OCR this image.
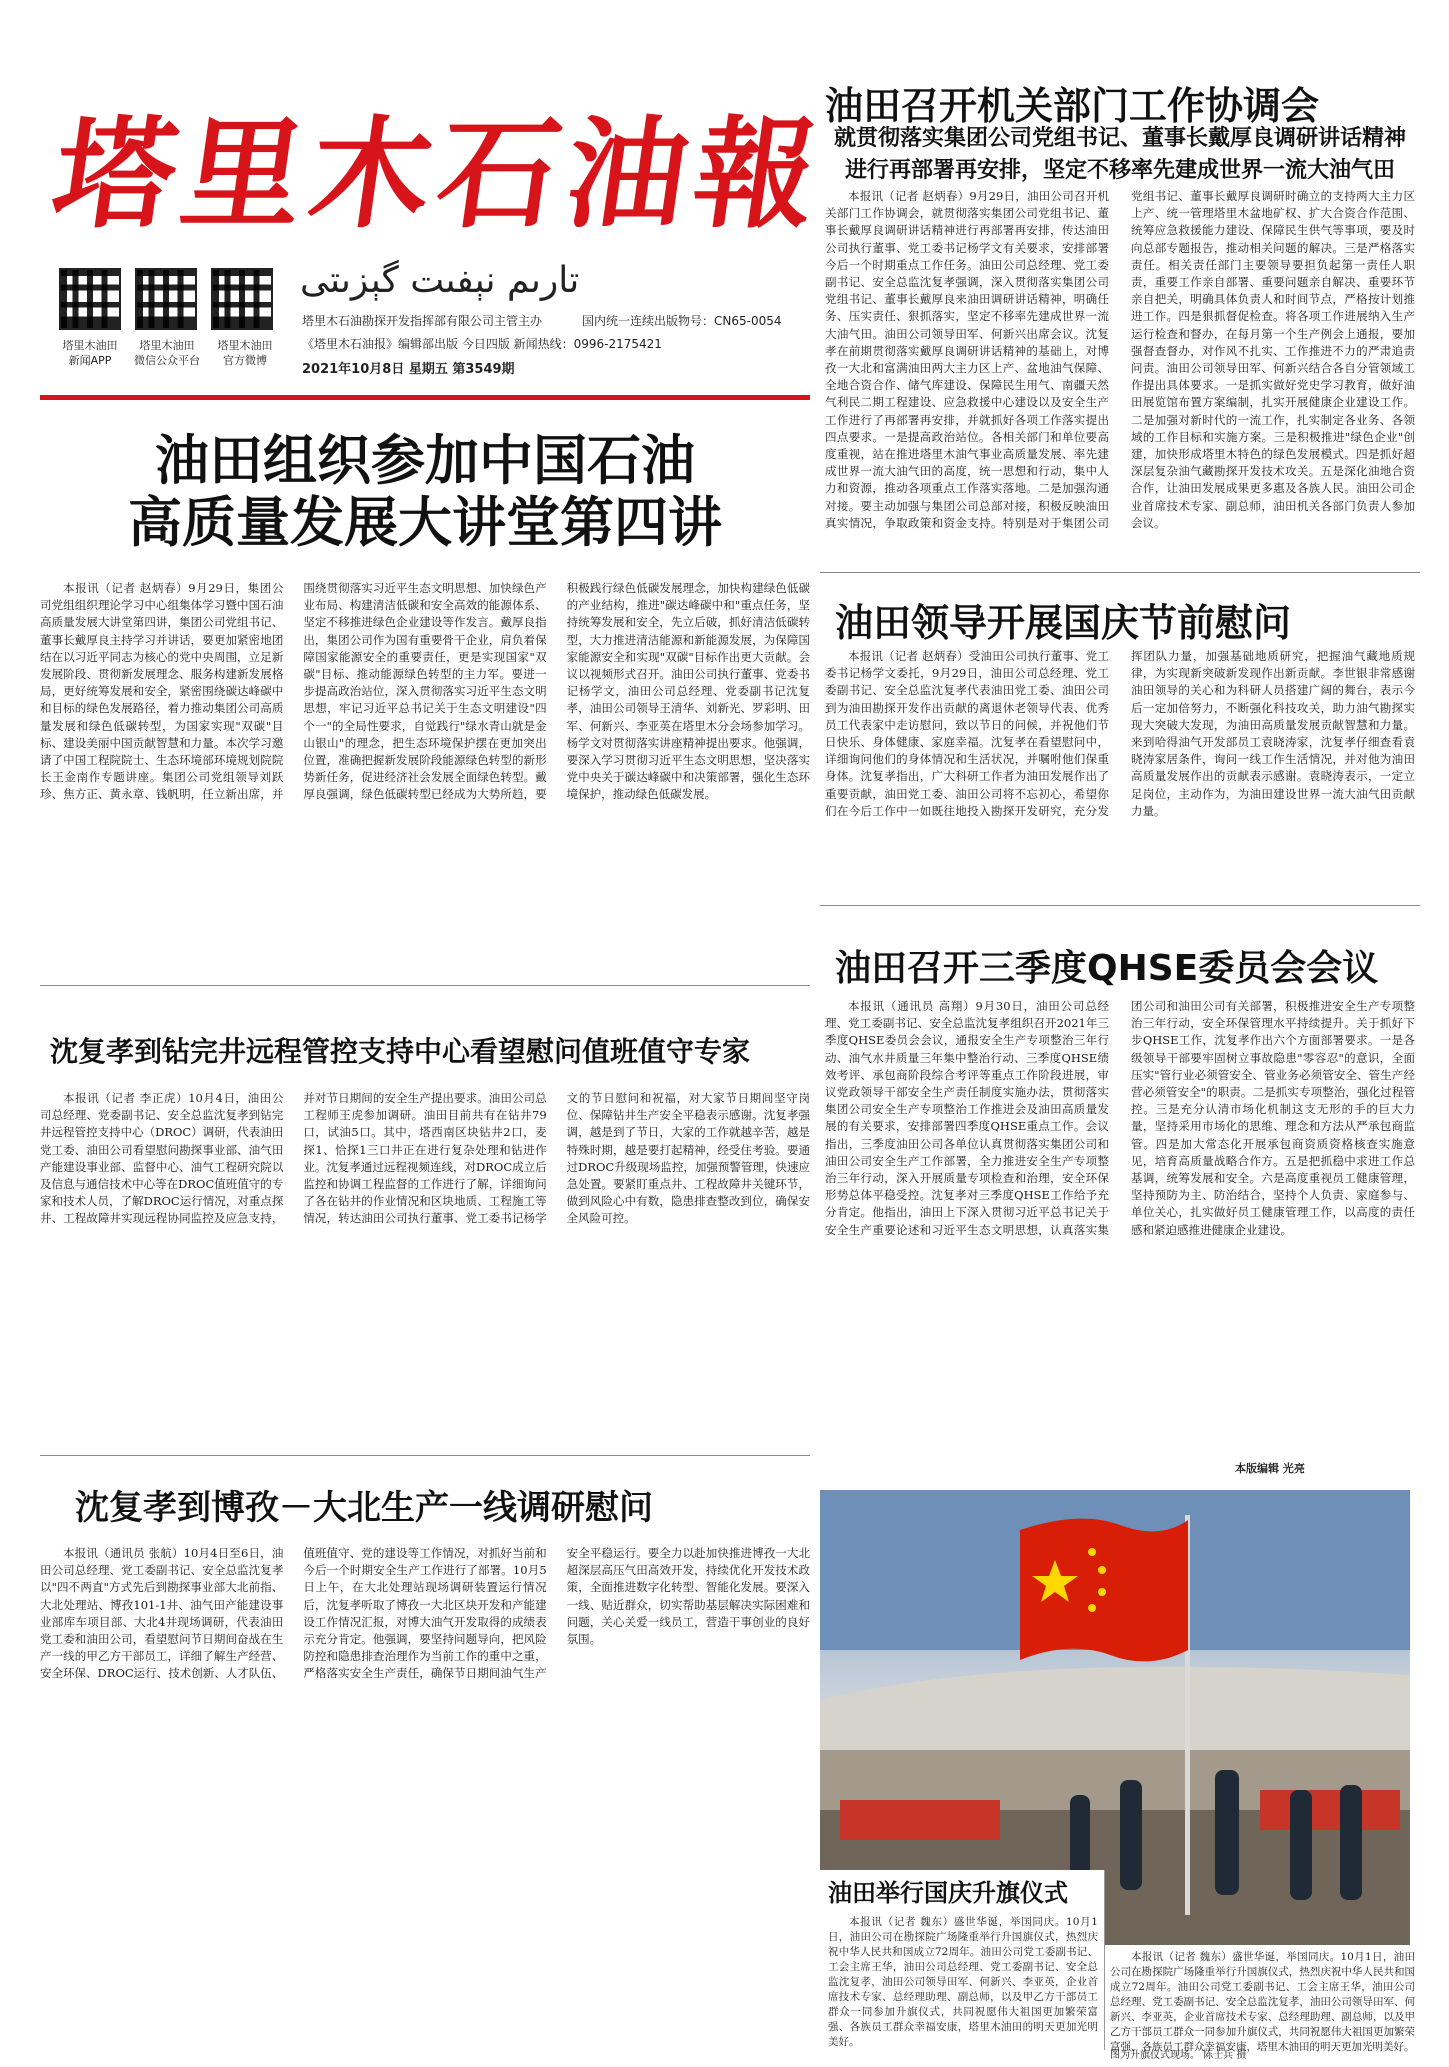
塔里木石油報
تارىم نېفىت گېزىتى
塔里木油田
新闻APP
塔里木油田
微信公众平台
塔里木油田
官方微博
塔里木石油勘探开发指挥部有限公司主管主办	国内统一连续出版物号：CN65-0054
《塔里木石油报》编辑部出版 今日四版 新闻热线：0996-2175421
2021年10月8日 星期五 第3549期
油田组织参加中国石油
高质量发展大讲堂第四讲
本报讯（记者 赵炳春）9月29日，集团公司党组组织理论学习中心组集体学习暨中国石油高质量发展大讲堂第四讲，集团公司党组书记、董事长戴厚良主持学习并讲话，要更加紧密地团结在以习近平同志为核心的党中央周围，立足新发展阶段、贯彻新发展理念、服务构建新发展格局，更好统筹发展和安全，紧密围绕碳达峰碳中和目标的绿色发展路径，着力推动集团公司高质量发展和绿色低碳转型，为国家实现"双碳"目标、建设美丽中国贡献智慧和力量。本次学习邀请了中国工程院院士、生态环境部环境规划院院长王金南作专题讲座。集团公司党组领导刘跃珍、焦方正、黄永章、钱帆明，任立新出席，并围绕贯彻落实习近平生态文明思想、加快绿色产业布局、构建清洁低碳和安全高效的能源体系、坚定不移推进绿色企业建设等作发言。戴厚良指出，集团公司作为国有重要骨干企业，肩负着保障国家能源安全的重要责任，更是实现国家"双碳"目标、推动能源绿色转型的主力军。要进一步提高政治站位，深入贯彻落实习近平生态文明思想，牢记习近平总书记关于生态文明建设"四个一"的全局性要求，自觉践行"绿水青山就是金山银山"的理念，把生态环境保护摆在更加突出位置，准确把握新发展阶段能源绿色转型的新形势新任务，促进经济社会发展全面绿色转型。戴厚良强调，绿色低碳转型已经成为大势所趋，要积极践行绿色低碳发展理念，加快构建绿色低碳的产业结构，推进"碳达峰碳中和"重点任务，坚持统筹发展和安全，先立后破，抓好清洁低碳转型，大力推进清洁能源和新能源发展，为保障国家能源安全和实现"双碳"目标作出更大贡献。会议以视频形式召开。油田公司执行董事、党委书记杨学文，油田公司总经理、党委副书记沈复孝，油田公司领导王清华、刘新光、罗彩明、田军、何新兴、李亚英在塔里木分会场参加学习。杨学文对贯彻落实讲座精神提出要求。他强调，要深入学习贯彻习近平生态文明思想，坚决落实党中央关于碳达峰碳中和决策部署，强化生态环境保护，推动绿色低碳发展。
沈复孝到钻完井远程管控支持中心看望慰问值班值守专家
本报讯（记者 李正虎）10月4日，油田公司总经理、党委副书记、安全总监沈复孝到钻完井远程管控支持中心（DROC）调研，代表油田党工委、油田公司看望慰问勘探事业部、油气田产能建设事业部、监督中心、油气工程研究院以及信息与通信技术中心等在DROC值班值守的专家和技术人员，了解DROC运行情况，对重点探井、工程故障井实现远程协同监控及应急支持，并对节日期间的安全生产提出要求。油田公司总工程师王虎参加调研。油田目前共有在钻井79口，试油5口。其中，塔西南区块钻井2口，麦探1、恰探1三口井正在进行复杂处理和钻进作业。沈复孝通过远程视频连线，对DROC成立后监控和协调工程监督的工作进行了解，详细询问了各在钻井的作业情况和区块地质、工程施工等情况，转达油田公司执行董事、党工委书记杨学文的节日慰问和祝福，对大家节日期间坚守岗位、保障钻井生产安全平稳表示感谢。沈复孝强调，越是到了节日，大家的工作就越辛苦，越是特殊时期，越是要打起精神，经受住考验。要通过DROC升级现场监控，加强预警管理，快速应急处置。要紧盯重点井、工程故障井关键环节，做到风险心中有数，隐患排查整改到位，确保安全风险可控。
沈复孝到博孜－大北生产一线调研慰问
本报讯（通讯员 张航）10月4日至6日，油田公司总经理、党工委副书记、安全总监沈复孝以"四不两直"方式先后到勘探事业部大北前指、大北处理站、博孜101-1井、油气田产能建设事业部库车项目部、大北4井现场调研，代表油田党工委和油田公司，看望慰问节日期间奋战在生产一线的甲乙方干部员工，详细了解生产经营、安全环保、DROC运行、技术创新、人才队伍、值班值守、党的建设等工作情况，对抓好当前和今后一个时期安全生产工作进行了部署。10月5日上午，在大北处理站现场调研装置运行情况后，沈复孝听取了博孜一大北区块开发和产能建设工作情况汇报，对博大油气开发取得的成绩表示充分肯定。他强调，要坚持问题导向，把风险防控和隐患排查治理作为当前工作的重中之重，严格落实安全生产责任，确保节日期间油气生产安全平稳运行。要全力以赴加快推进博孜一大北超深层高压气田高效开发，持续优化开发技术政策，全面推进数字化转型、智能化发展。要深入一线、贴近群众，切实帮助基层解决实际困难和问题，关心关爱一线员工，营造干事创业的良好氛围。
油田召开机关部门工作协调会
就贯彻落实集团公司党组书记、董事长戴厚良调研讲话精神
进行再部署再安排，坚定不移率先建成世界一流大油气田
本报讯（记者 赵炳春）9月29日，油田公司召开机关部门工作协调会，就贯彻落实集团公司党组书记、董事长戴厚良调研讲话精神进行再部署再安排，传达油田公司执行董事、党工委书记杨学文有关要求，安排部署今后一个时期重点工作任务。油田公司总经理、党工委副书记、安全总监沈复孝强调，深入贯彻落实集团公司党组书记、董事长戴厚良来油田调研讲话精神，明确任务、压实责任、狠抓落实，坚定不移率先建成世界一流大油气田。油田公司领导田军、何新兴出席会议。沈复孝在前期贯彻落实戴厚良调研讲话精神的基础上，对博孜一大北和富满油田两大主力区上产、盆地油气保障、全地合资合作、储气库建设、保障民生用气、南疆天然气利民二期工程建设、应急救援中心建设以及安全生产工作进行了再部署再安排，并就抓好各项工作落实提出四点要求。一是提高政治站位。各相关部门和单位要高度重视，站在推进塔里木油气事业高质量发展、率先建成世界一流大油气田的高度，统一思想和行动，集中人力和资源，推动各项重点工作落实落地。二是加强沟通对接。要主动加强与集团公司总部对接，积极反映油田真实情况，争取政策和资金支持。特别是对于集团公司党组书记、董事长戴厚良调研时确立的支持两大主力区上产、统一管理塔里木盆地矿权、扩大合资合作范围、统筹应急救援能力建设、保障民生供气等事项，要及时向总部专题报告，推动相关问题的解决。三是严格落实责任。相关责任部门主要领导要担负起第一责任人职责，重要工作亲自部署、重要问题亲自解决、重要环节亲自把关，明确具体负责人和时间节点，严格按计划推进工作。四是狠抓督促检查。将各项工作进展纳入生产运行检查和督办，在每月第一个生产例会上通报，要加强督查督办，对作风不扎实、工作推进不力的严肃追责问责。油田公司领导田军、何新兴结合各自分管领域工作提出具体要求。一是抓实做好党史学习教育，做好油田展览馆布置方案编制，扎实开展健康企业建设工作。二是加强对新时代的一流工作，扎实制定各业务、各领域的工作目标和实施方案。三是积极推进"绿色企业"创建，加快形成塔里木特色的绿色发展模式。四是抓好超深层复杂油气藏勘探开发技术攻关。五是深化油地合资合作，让油田发展成果更多惠及各族人民。油田公司企业首席技术专家、副总师，油田机关各部门负责人参加会议。
油田领导开展国庆节前慰问
本报讯（记者 赵炳春）受油田公司执行董事、党工委书记杨学文委托，9月29日，油田公司总经理、党工委副书记、安全总监沈复孝代表油田党工委、油田公司到为油田勘探开发作出贡献的离退休老领导代表、优秀员工代表家中走访慰问，致以节日的问候，并祝他们节日快乐、身体健康、家庭幸福。沈复孝在看望慰问中，详细询问他们的身体情况和生活状况，并嘱咐他们保重身体。沈复孝指出，广大科研工作者为油田发展作出了重要贡献，油田党工委、油田公司将不忘初心，希望你们在今后工作中一如既往地投入勘探开发研究，充分发挥团队力量，加强基础地质研究，把握油气藏地质规律，为实现新突破新发现作出新贡献。李世银非常感谢油田领导的关心和为科研人员搭建广阔的舞台，表示今后一定加倍努力，不断强化科技攻关，助力油气勘探实现大突破大发现，为油田高质量发展贡献智慧和力量。来到哈得油气开发部员工袁晓涛家，沈复孝仔细查看袁晓涛家居条件，询问一线工作生活情况，并对他为油田高质量发展作出的贡献表示感谢。袁晓涛表示，一定立足岗位，主动作为，为油田建设世界一流大油气田贡献力量。
油田召开三季度QHSE委员会会议
本报讯（通讯员 高翔）9月30日，油田公司总经理、党工委副书记、安全总监沈复孝组织召开2021年三季度QHSE委员会会议，通报安全生产专项整治三年行动、油气水井质量三年集中整治行动、三季度QHSE绩效考评、承包商阶段综合考评等重点工作阶段进展，审议党政领导干部安全生产责任制度实施办法，贯彻落实集团公司安全生产专项整治工作推进会及油田高质量发展的有关要求，安排部署四季度QHSE重点工作。会议指出，三季度油田公司各单位认真贯彻落实集团公司和油田公司安全生产工作部署，全力推进安全生产专项整治三年行动，深入开展质量专项检查和治理，安全环保形势总体平稳受控。沈复孝对三季度QHSE工作给予充分肯定。他指出，油田上下深入贯彻习近平总书记关于安全生产重要论述和习近平生态文明思想，认真落实集团公司和油田公司有关部署，积极推进安全生产专项整治三年行动，安全环保管理水平持续提升。关于抓好下步QHSE工作，沈复孝作出六个方面部署要求。一是各级领导干部要牢固树立事故隐患"零容忍"的意识，全面压实"管行业必须管安全、管业务必须管安全、管生产经营必须管安全"的职责。二是抓实专项整治，强化过程管控。三是充分认清市场化机制这支无形的手的巨大力量，坚持采用市场化的思维、理念和方法从严承包商监管。四是加大常态化开展承包商资质资格核查实施意见，培育高质量战略合作方。五是把抓稳中求进工作总基调，统筹发展和安全。六是高度重视员工健康管理，坚持预防为主、防治结合，坚持个人负责、家庭参与、单位关心，扎实做好员工健康管理工作，以高度的责任感和紧迫感推进健康企业建设。
本版编辑 光亮
油田举行国庆升旗仪式
本报讯（记者 魏东）盛世华诞，举国同庆。10月1日，油田公司在勘探院广场隆重举行升国旗仪式，热烈庆祝中华人民共和国成立72周年。油田公司党工委副书记、工会主席王华，油田公司总经理、党工委副书记、安全总监沈复孝，油田公司领导田军、何新兴、李亚英，企业首席技术专家、总经理助理、副总师，以及甲乙方干部员工群众一同参加升旗仪式，共同祝愿伟大祖国更加繁荣富强、各族员工群众幸福安康，塔里木油田的明天更加光明美好。
本报讯（记者 魏东）盛世华诞，举国同庆。10月1日，油田公司在勘探院广场隆重举行升国旗仪式，热烈庆祝中华人民共和国成立72周年。油田公司党工委副书记、工会主席王华，油田公司总经理、党工委副书记、安全总监沈复孝，油田公司领导田军、何新兴、李亚英，企业首席技术专家、总经理助理、副总师，以及甲乙方干部员工群众一同参加升旗仪式，共同祝愿伟大祖国更加繁荣富强、各族员工群众幸福安康，塔里木油田的明天更加光明美好。
图为升旗仪式现场。 陈士兵 摄
